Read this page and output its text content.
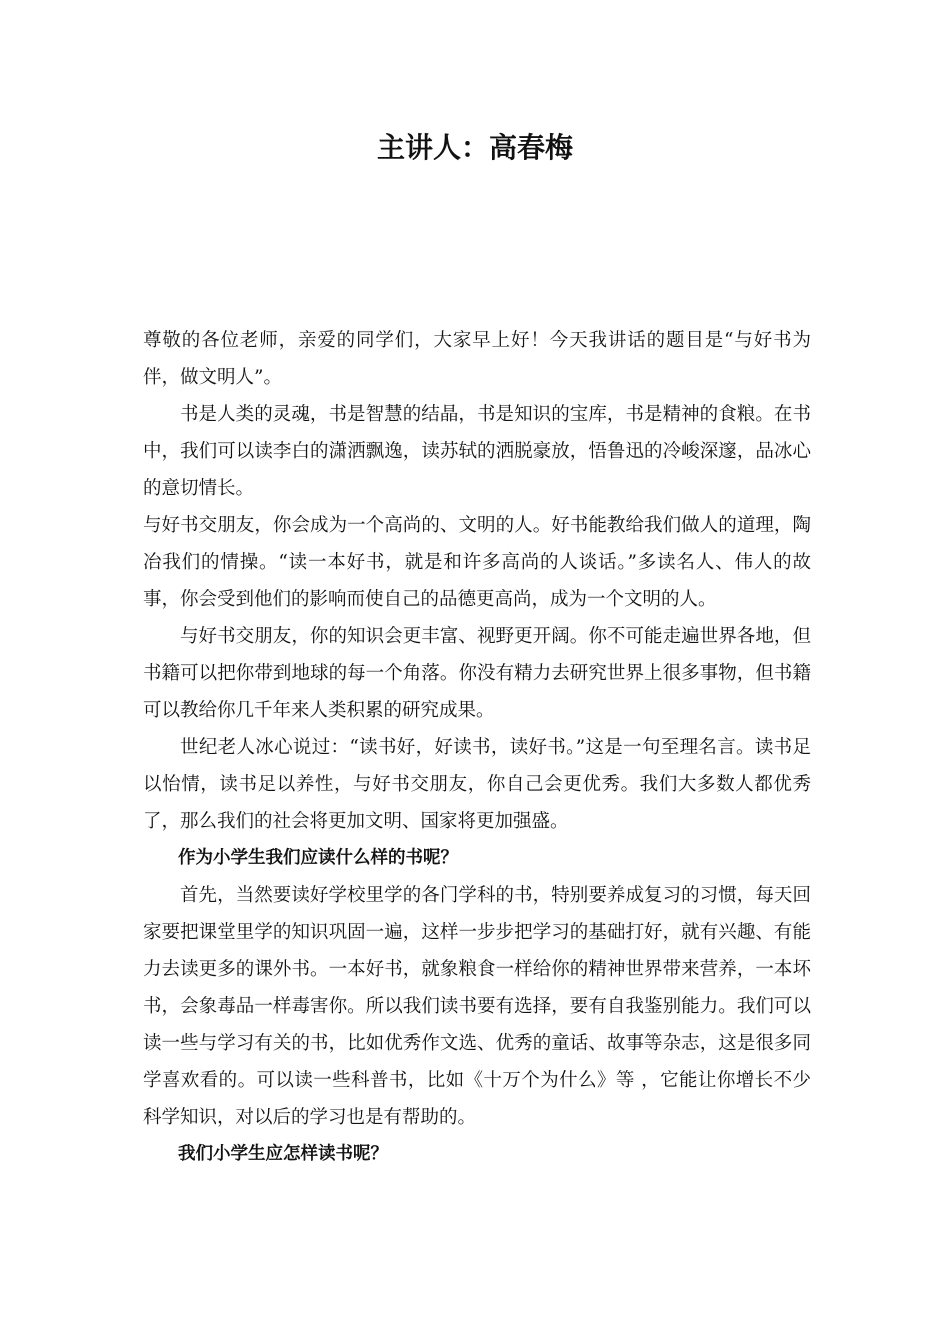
主讲人：高春梅

尊敬的各位老师，亲爱的同学们，大家早上好！今天我讲话的题目是“与好书为伴，做文明人”。

书是人类的灵魂，书是智慧的结晶，书是知识的宝库，书是精神的食粮。在书中，我们可以读李白的潇洒飘逸，读苏轼的洒脱豪放，悟鲁迅的冷峻深邃，品冰心的意切情长。

与好书交朋友，你会成为一个高尚的、文明的人。好书能教给我们做人的道理，陶冶我们的情操。“读一本好书，就是和许多高尚的人谈话。”多读名人、伟人的故事，你会受到他们的影响而使自己的品德更高尚，成为一个文明的人。

与好书交朋友，你的知识会更丰富、视野更开阔。你不可能走遍世界各地，但书籍可以把你带到地球的每一个角落。你没有精力去研究世界上很多事物，但书籍可以教给你几千年来人类积累的研究成果。

世纪老人冰心说过：“读书好，好读书，读好书。”这是一句至理名言。读书足以怡情，读书足以养性，与好书交朋友，你自己会更优秀。我们大多数人都优秀了，那么我们的社会将更加文明、国家将更加强盛。

作为小学生我们应读什么样的书呢？

首先，当然要读好学校里学的各门学科的书，特别要养成复习的习惯，每天回家要把课堂里学的知识巩固一遍，这样一步步把学习的基础打好，就有兴趣、有能力去读更多的课外书。一本好书，就象粮食一样给你的精神世界带来营养，一本坏书，会象毒品一样毒害你。所以我们读书要有选择，要有自我鉴别能力。我们可以读一些与学习有关的书，比如优秀作文选、优秀的童话、故事等杂志，这是很多同学喜欢看的。可以读一些科普书，比如《十万个为什么》等 ，它能让你增长不少科学知识，对以后的学习也是有帮助的。

我们小学生应怎样读书呢？
